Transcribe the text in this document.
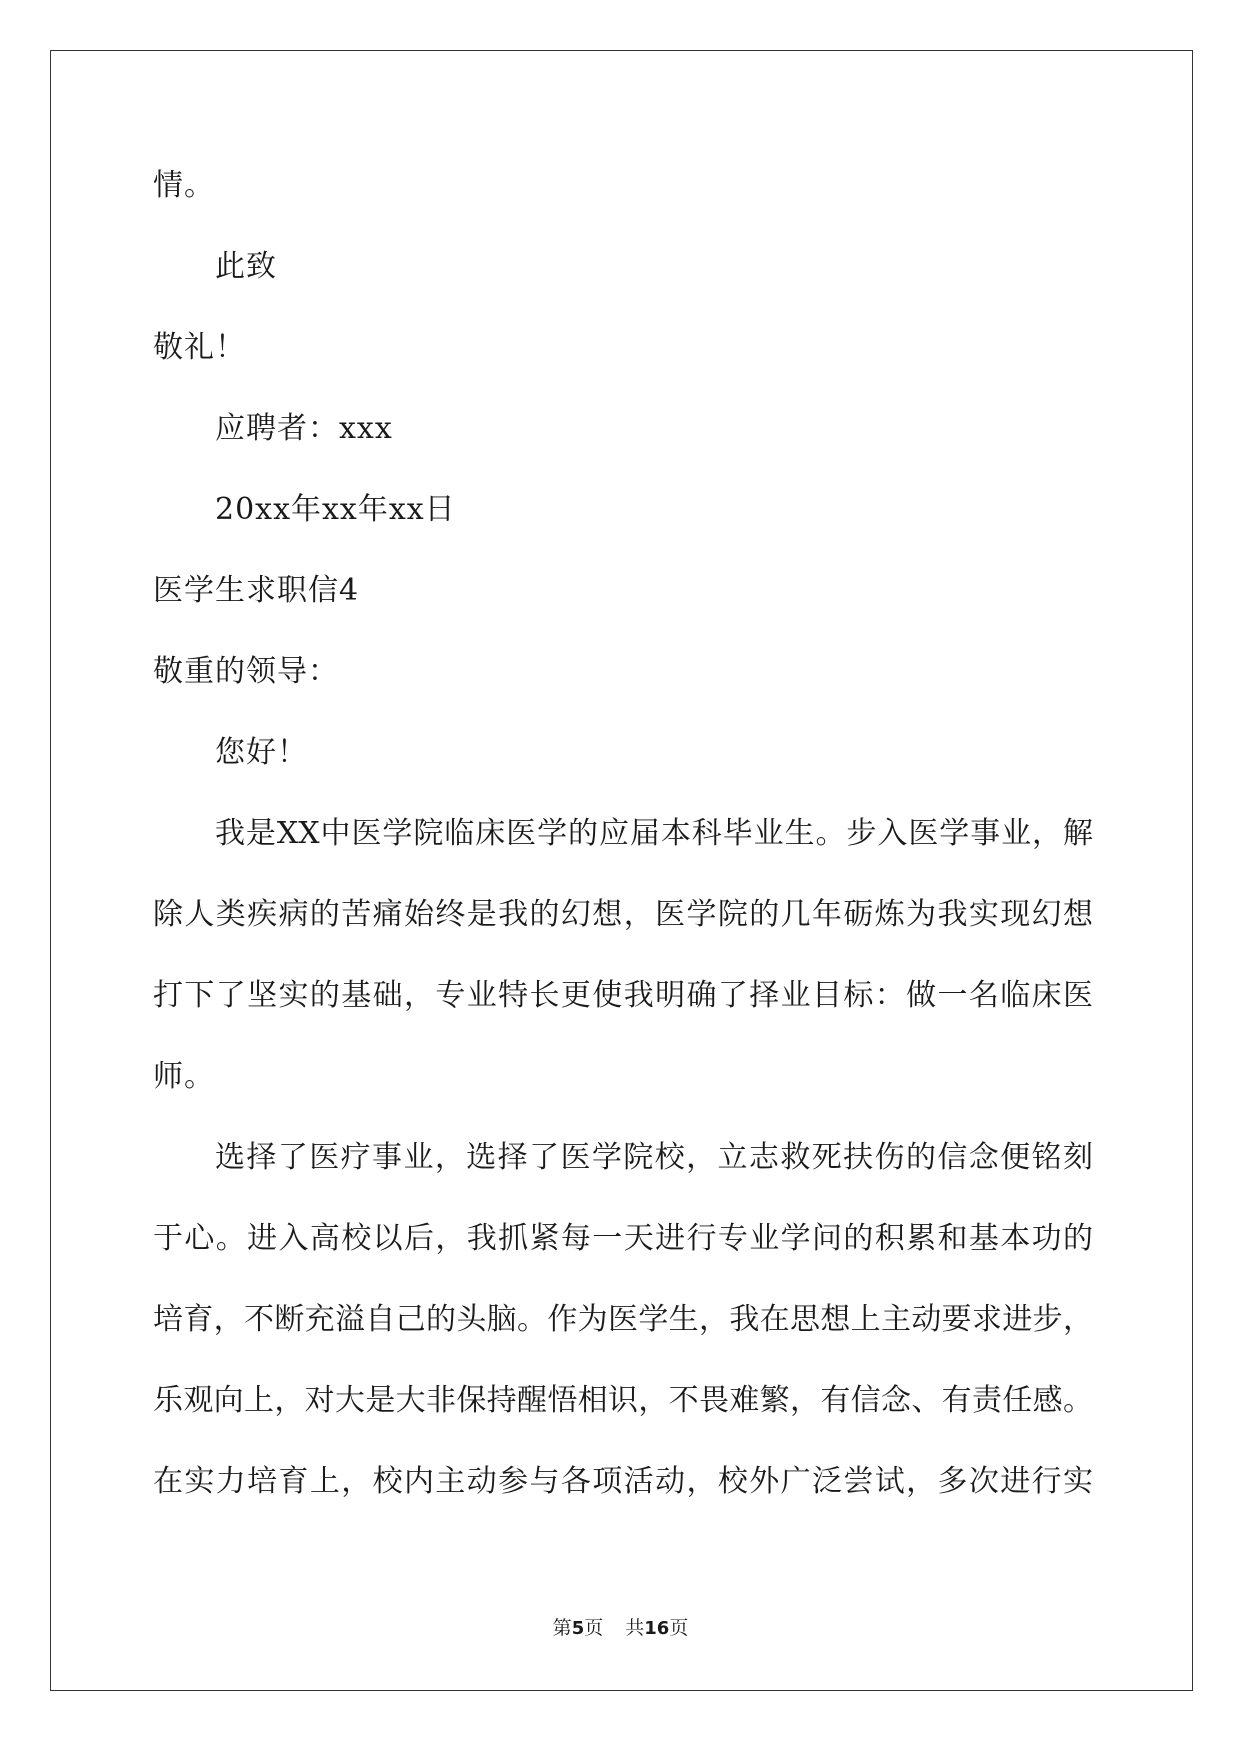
情。
此致
敬礼！
应聘者：xxx
20xx年xx年xx日
医学生求职信4
敬重的领导：
您好！
我是XX中医学院临床医学的应届本科毕业生。步入医学事业，解
除人类疾病的苦痛始终是我的幻想，医学院的几年砺炼为我实现幻想
打下了坚实的基础，专业特长更使我明确了择业目标：做一名临床医
师。
选择了医疗事业，选择了医学院校，立志救死扶伤的信念便铭刻
于心。进入高校以后，我抓紧每一天进行专业学问的积累和基本功的
培育，不断充溢自己的头脑。作为医学生，我在思想上主动要求进步，
乐观向上，对大是大非保持醒悟相识，不畏难繁，有信念、有责任感。
在实力培育上，校内主动参与各项活动，校外广泛尝试，多次进行实
第5页 共16页
